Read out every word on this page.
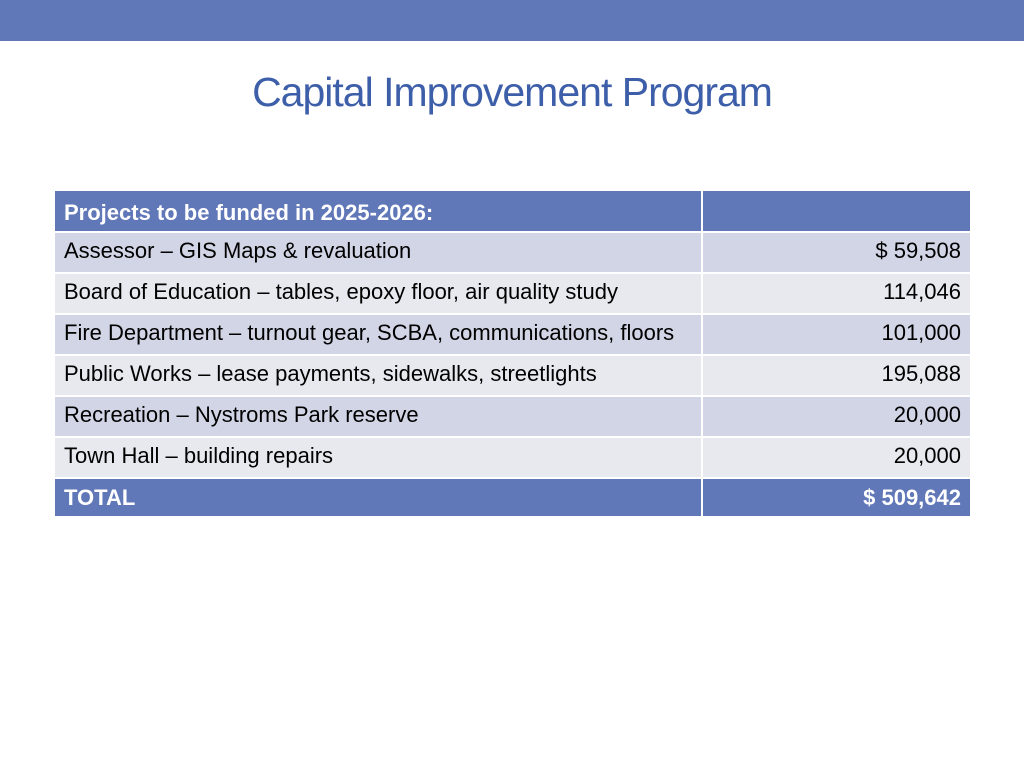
Capital Improvement Program
Projects to be funded in 2025-2026:	
Assessor – GIS Maps & revaluation	$ 59,508
Board of Education – tables, epoxy floor, air quality study	114,046
Fire Department – turnout gear, SCBA, communications, floors	101,000
Public Works – lease payments, sidewalks, streetlights	195,088
Recreation – Nystroms Park reserve	20,000
Town Hall – building repairs	20,000
TOTAL	$ 509,642
